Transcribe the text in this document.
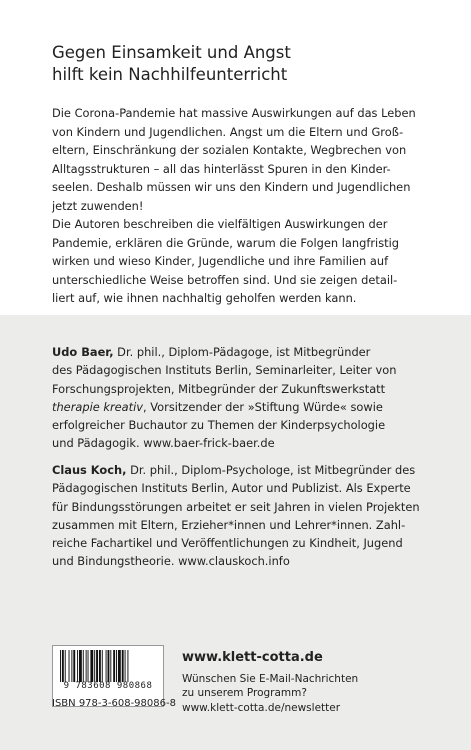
Gegen Einsamkeit und Angst
hilft kein Nachhilfeunterricht
Die Corona-Pandemie hat massive Auswirkungen auf das Leben
von Kindern und Jugendlichen. Angst um die Eltern und Groß-
eltern, Einschränkung der sozialen Kontakte, Wegbrechen von
Alltagsstrukturen – all das hinterlässt Spuren in den Kinder-
seelen. Deshalb müssen wir uns den Kindern und Jugendlichen
jetzt zuwenden!
Die Autoren beschreiben die vielfältigen Auswirkungen der
Pandemie, erklären die Gründe, warum die Folgen langfristig
wirken und wieso Kinder, Jugendliche und ihre Familien auf
unterschiedliche Weise betroffen sind. Und sie zeigen detail-
liert auf, wie ihnen nachhaltig geholfen werden kann.
Udo Baer, Dr. phil., Diplom-Pädagoge, ist Mitbegründer
des Pädagogischen Instituts Berlin, Seminarleiter, Leiter von
Forschungsprojekten, Mitbegründer der Zukunftswerkstatt
therapie kreativ, Vorsitzender der »Stiftung Würde« sowie
erfolgreicher Buchautor zu Themen der Kinderpsychologie
und Pädagogik. www.baer-frick-baer.de
Claus Koch, Dr. phil., Diplom-Psychologe, ist Mitbegründer des
Pädagogischen Instituts Berlin, Autor und Publizist. Als Experte
für Bindungsstörungen arbeitet er seit Jahren in vielen Projekten
zusammen mit Eltern, Erzieher*innen und Lehrer*innen. Zahl-
reiche Fachartikel und Veröffentlichungen zu Kindheit, Jugend
und Bindungstheorie. www.clauskoch.info
9 783608 980868
ISBN 978-3-608-98086-8
www.klett-cotta.de
Wünschen Sie E-Mail-Nachrichten
zu unserem Programm?
www.klett-cotta.de/newsletter
